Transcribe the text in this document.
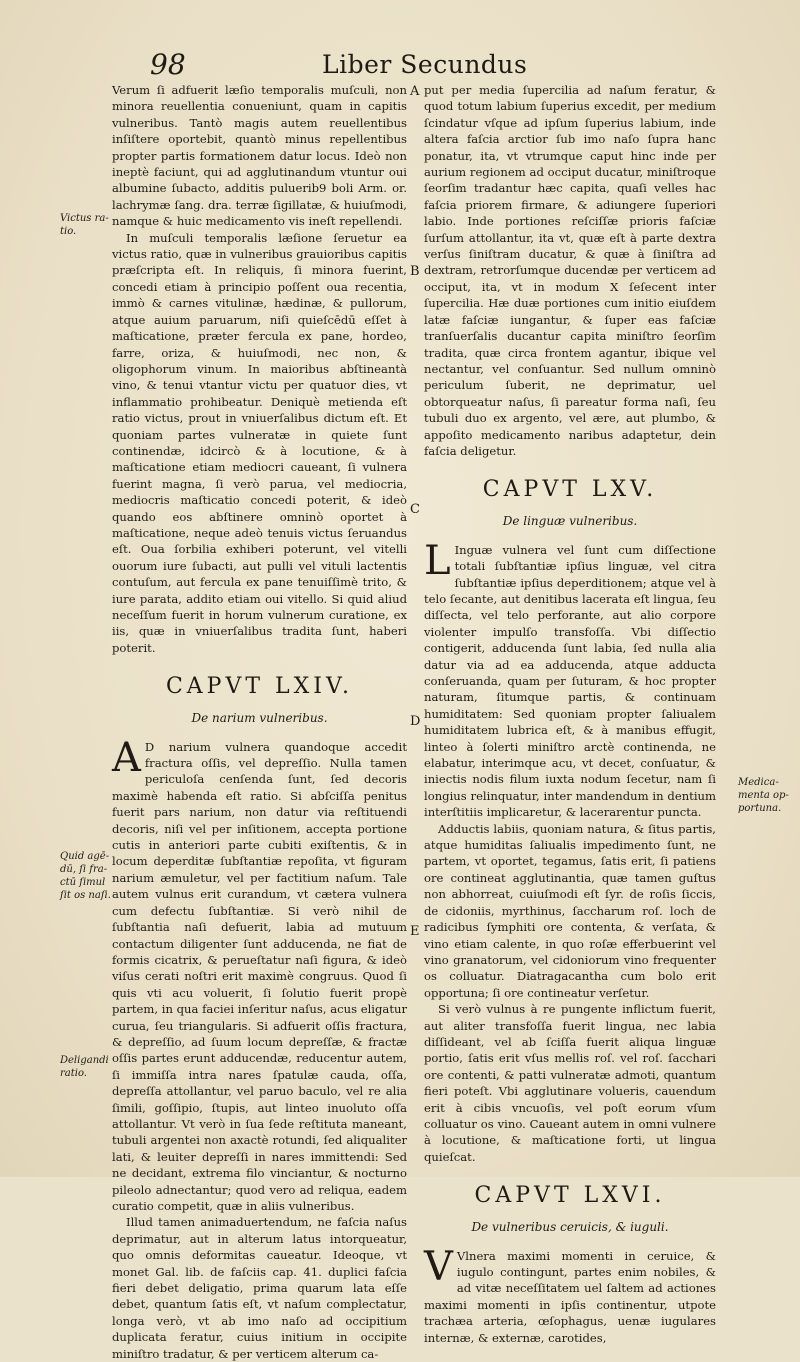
98	Liber Secundus
A
B
C
D
E
Victus ra-
tio.
Quid agē-
dū, ſi fra-
ctū ſimul
ſit os naſi.
Deligandi
ratio.
Medica-
menta op-
portuna.

Verum ſi adfuerit læſio temporalis muſculi, non minora reuellentia conueniunt, quam in capitis vulneribus. Tantò magis autem reuellentibus inſiſtere oportebit, quantò minus repellentibus propter partis formationem datur locus. Ideò non ineptè faciunt, qui ad agglutinandum vtuntur oui albumine ſubacto, additis puluerib9 boli Arm. or. lachrymæ ſang. dra. terræ ſigillatæ, & huiuſmodi, namque & huic medicamento vis ineſt repellendi.

In muſculi temporalis læſione ſeruetur ea victus ratio, quæ in vulneribus grauioribus capitis præſcripta eſt. In reliquis, ſi minora fuerint, concedi etiam à principio poſſent oua recentia, immò & carnes vitulinæ, hædinæ, & pullorum, atque auium paruarum, niſi quieſcēdū eſſet à maſticatione, præter fercula ex pane, hordeo, farre, oriza, & huiuſmodi, nec non, & oligophorum vinum. In maioribus abſtineantà vino, & tenui vtantur victu per quatuor dies, vt inflammatio prohibeatur. Deniquè metienda eſt ratio victus, prout in vniuerſalibus dictum eſt. Et quoniam partes vulneratæ in quiete ſunt continendæ, idcircò & à locutione, & à maſticatione etiam mediocri caueant, ſi vulnera fuerint magna, ſi verò parua, vel mediocria, mediocris maſticatio concedi poterit, & ideò quando eos abſtinere omninò oportet à maſticatione, neque adeò tenuis victus ſeruandus eſt. Oua ſorbilia exhiberi poterunt, vel vitelli ouorum iure ſubacti, aut pulli vel vituli lactentis contuſum, aut fercula ex pane tenuiſſimè trito, & iure parata, addito etiam oui vitello. Si quid aliud neceſſum fuerit in horum vulnerum curatione, ex iis, quæ in vniuerſalibus tradita ſunt, haberi poterit.

CAPVT LXIV.
De narium vulneribus.

A D narium vulnera quandoque accedit fractura oſſis, vel depreſſio. Nulla tamen periculoſa cenſenda ſunt, ſed decoris maximè habenda eſt ratio. Si abſciſſa penitus fuerit pars narium, non datur via reſtituendi decoris, niſi vel per inſitionem, accepta portione cutis in anteriori parte cubiti exiſtentis, & in locum deperditæ ſubſtantiæ repoſita, vt figuram narium æmuletur, vel per factitium naſum. Tale autem vulnus erit curandum, vt cætera vulnera cum defectu ſubſtantiæ. Si verò nihil de ſubſtantia naſi defuerit, labia ad mutuum contactum diligenter ſunt adducenda, ne fiat de formis cicatrix, & perueſtatur naſi figura, & ideò viſus cerati noſtri erit maximè congruus. Quod ſi quis vti acu voluerit, ſi ſolutio fuerit propè partem, in qua faciei inſeritur naſus, acus eligatur curua, ſeu triangularis. Si adfuerit oſſis fractura, & depreſſio, ad ſuum locum depreſſæ, & fractæ oſſis partes erunt adducendæ, reducentur autem, ſi immiſſa intra nares ſpatulæ cauda, oſſa, depreſſa attollantur, vel paruo baculo, vel re alia ſimili, goſſipio, ſtupis, aut linteo inuoluto oſſa attollantur. Vt verò in ſua ſede reſtituta maneant, tubuli argentei non axactè rotundi, ſed aliqualiter lati, & leuiter depreſſi in nares immittendi: Sed ne decidant, extrema filo vinciantur, & nocturno pileolo adnectantur; quod vero ad reliqua, eadem curatio competit, quæ in aliis vulneribus.

Illud tamen animaduertendum, ne faſcia naſus deprimatur, aut in alterum latus intorqueatur, quo omnis deformitas caueatur. Ideoque, vt monet Gal. lib. de faſciis cap. 41. duplici faſcia fieri debet deligatio, prima quarum lata eſſe debet, quantum ſatis eſt, vt naſum complectatur, longa verò, vt ab imo naſo ad occipitium duplicata feratur, cuius initium in occipite miniſtro tradatur, & per verticem alterum ca-

put per media ſupercilia ad naſum feratur, & quod totum labium ſuperius excedit, per medium ſcindatur vſque ad ipſum ſuperius labium, inde altera faſcia arctior ſub imo naſo ſupra hanc ponatur, ita, vt vtrumque caput hinc inde per aurium regionem ad occiput ducatur, miniſtroque ſeorſim tradantur hæc capita, quaſi velles hac faſcia priorem firmare, & adiungere ſuperiori labio. Inde portiones reſciſſæ prioris faſciæ ſurſum attollantur, ita vt, quæ eſt à parte dextra verſus ſiniſtram ducatur, & quæ à ſiniſtra ad dextram, retrorſumque ducendæ per verticem ad occiput, ita, vt in modum X ſeſecent inter ſupercilia. Hæ duæ portiones cum initio eiuſdem latæ faſciæ iungantur, & ſuper eas faſciæ tranſuerſalis ducantur capita miniſtro ſeorſim tradita, quæ circa frontem agantur, ibique vel nectantur, vel conſuantur. Sed nullum omninò periculum ſuberit, ne deprimatur, uel obtorqueatur naſus, ſi pareatur forma naſi, ſeu tubuli duo ex argento, vel ære, aut plumbo, & appoſito medicamento naribus adaptetur, dein faſcia deligetur.

CAPVT LXV.
De linguæ vulneribus.

L Inguæ vulnera vel ſunt cum diſſectione totali ſubſtantiæ ipſius linguæ, vel citra ſubſtantiæ ipſius deperditionem; atque vel à telo ſecante, aut denitibus lacerata eſt lingua, ſeu diſſecta, vel telo perforante, aut alio corpore violenter impulſo transfoſſa. Vbi diſſectio contigerit, adducenda ſunt labia, ſed nulla alia datur via ad ea adducenda, atque adducta conſeruanda, quam per ſuturam, & hoc propter naturam, ſitumque partis, & continuam humiditatem: Sed quoniam propter ſaliualem humiditatem lubrica eſt, & à manibus effugit, linteo à ſolerti miniſtro arctè continenda, ne elabatur, interimque acu, vt decet, conſuatur, & iniectis nodis filum iuxta nodum ſecetur, nam ſi longius relinquatur, inter mandendum in dentium interſtitiis implicaretur, & lacerarentur puncta.

Adductis labiis, quoniam natura, & ſitus partis, atque humiditas ſaliualis impedimento ſunt, ne partem, vt oportet, tegamus, ſatis erit, ſi patiens ore contineat agglutinantia, quæ tamen guſtus non abhorreat, cuiuſmodi eſt ſyr. de roſis ſiccis, de cidoniis, myrthinus, ſaccharum roſ. loch de radicibus ſymphiti ore contenta, & verſata, & vino etiam calente, in quo roſæ efferbuerint vel vino granatorum, vel cidoniorum vino frequenter os colluatur. Diatragacantha cum bolo erit opportuna; ſi ore contineatur verſetur.

Si verò vulnus à re pungente inflictum fuerit, aut aliter transfoſſa fuerit lingua, nec labia diſſideant, vel ab ſciſſa fuerit aliqua linguæ portio, ſatis erit vſus mellis roſ. vel roſ. ſacchari ore contenti, & patti vulneratæ admoti, quantum fieri poteſt. Vbi agglutinare volueris, cauendum erit à cibis vncuoſis, vel poſt eorum vſum colluatur os vino. Caueant autem in omni vulnere à locutione, & maſticatione forti, ut lingua quieſcat.

CAPVT LXVI.
De vulneribus ceruicis, & iuguli.

V Vlnera maximi momenti in ceruice, & iugulo contingunt, partes enim nobiles, & ad vitæ neceſſitatem uel ſaltem ad actiones maximi momenti in ipſis continentur, utpote trachæa arteria, œſophagus, uenæ iugulares internæ, & externæ, carotides,
